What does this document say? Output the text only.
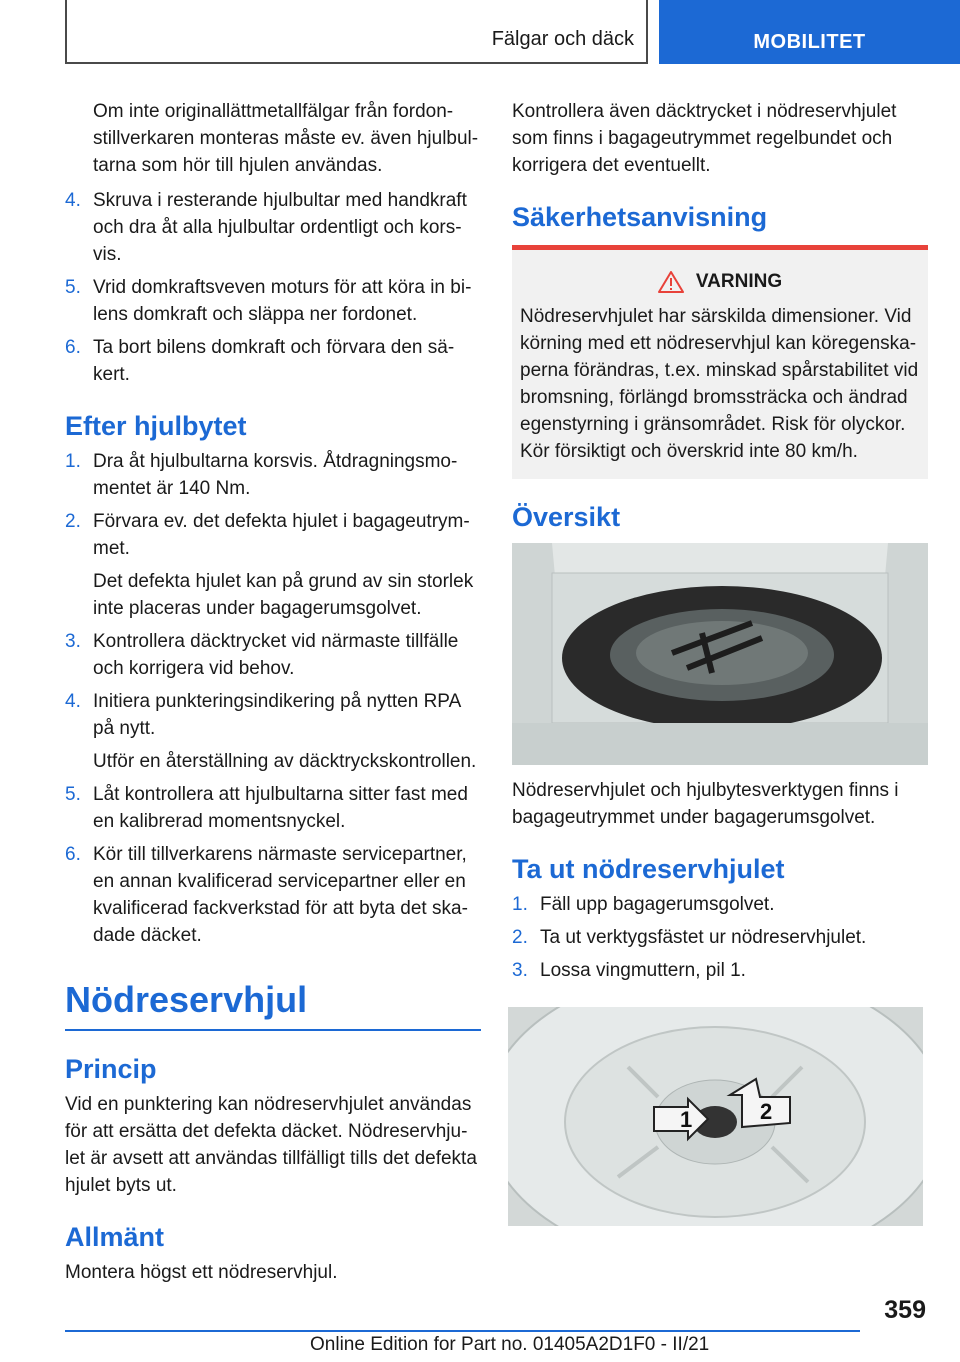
Fälgar och däck	MOBILITET

Om inte originallättmetallfälgar från fordonstillverkaren monteras måste ev. även hjulbultarna som hör till hjulen användas.

4. Skruva i resterande hjulbultar med handkraft och dra åt alla hjulbultar ordentligt och korsvis.
5. Vrid domkraftsveven moturs för att köra in bilens domkraft och släppa ner fordonet.
6. Ta bort bilens domkraft och förvara den säkert.
Efter hjulbytet
1. Dra åt hjulbultarna korsvis. Åtdragningsmomentet är 140 Nm.
2. Förvara ev. det defekta hjulet i bagageutrymmet.
Det defekta hjulet kan på grund av sin storlek inte placeras under bagagerumsgolvet.
3. Kontrollera däcktrycket vid närmaste tillfälle och korrigera vid behov.
4. Initiera punkteringsindikering på nytten RPA på nytt.
Utför en återställning av däcktryckskontrollen.
5. Låt kontrollera att hjulbultarna sitter fast med en kalibrerad momentsnyckel.
6. Kör till tillverkarens närmaste servicepartner, en annan kvalificerad servicepartner eller en kvalificerad fackverkstad för att byta det skadade däcket.
Nödreservhjul
Princip

Vid en punktering kan nödreservhjulet användas för att ersätta det defekta däcket. Nödreservhjulet är avsett att användas tillfälligt tills det defekta hjulet byts ut.

Allmänt

Montera högst ett nödreservhjul.

Kontrollera även däcktrycket i nödreservhjulet som finns i bagageutrymmet regelbundet och korrigera det eventuellt.

Säkerhetsanvisning
VARNING
Nödreservhjulet har särskilda dimensioner. Vid körning med ett nödreservhjul kan köregenskaperna förändras, t.ex. minskad spårstabilitet vid bromsning, förlängd bromssträcka och ändrad egenstyrning i gränsområdet. Risk för olyckor. Kör försiktigt och överskrid inte 80 km/h.
Översikt

Nödreservhjulet och hjulbytesverktygen finns i bagageutrymmet under bagagerumsgolvet.

Ta ut nödreservhjulet
1. Fäll upp bagagerumsgolvet.
2. Ta ut verktygsfästet ur nödreservhjulet.
3. Lossa vingmuttern, pil 1.
1	2
359
Online Edition for Part no. 01405A2D1F0 - II/21
